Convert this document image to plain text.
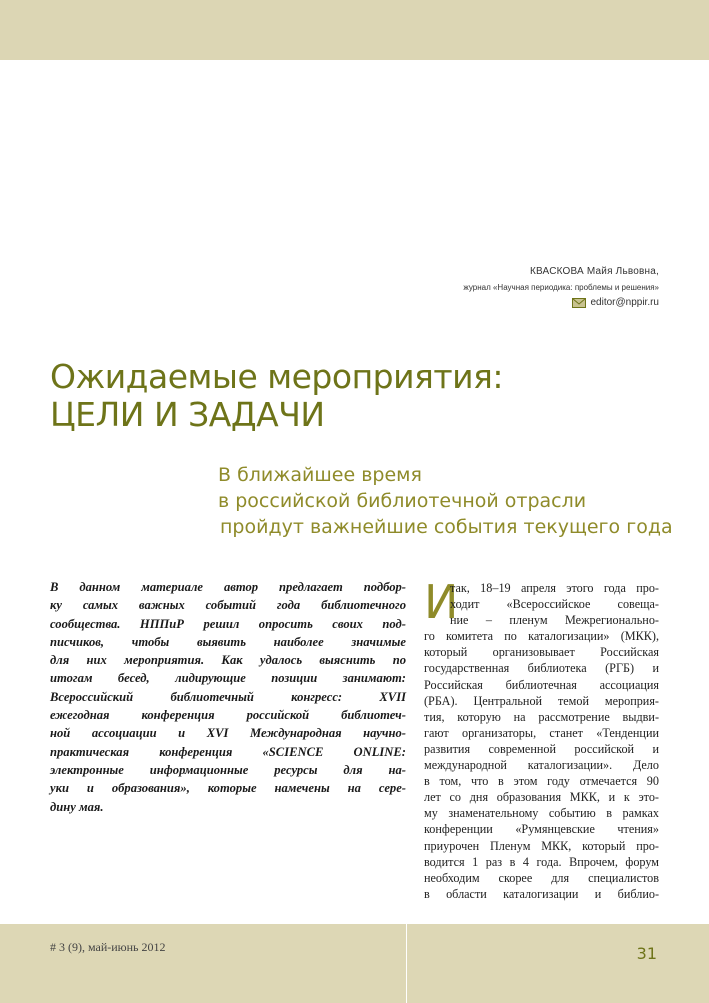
КВАСКОВА Майя Львовна,
журнал «Научная периодика: проблемы и решения»
editor@nppir.ru
Ожидаемые мероприятия:
ЦЕЛИ И ЗАДАЧИ
В ближайшее время
в российской библиотечной отрасли
пройдут важнейшие события текущего года
В данном материале автор предлагает подбор-
ку самых важных событий года библиотечного
сообщества. НППиР решил опросить своих под-
писчиков, чтобы выявить наиболее значимые
для них мероприятия. Как удалось выяснить по
итогам бесед, лидирующие позиции занимают:
Всероссийский библиотечный конгресс: XVII
ежегодная конференция российской библиотеч-
ной ассоциации и XVI Международная научно-
практическая конференция «SCIENCE ONLINE:
электронные информационные ресурсы для на-
уки и образования», которые намечены на сере-
дину мая.
И
так, 18–19 апреля этого года про-
ходит «Всероссийское совеща-
ние – пленум Межрегионально-
го комитета по каталогизации» (МКК),
который организовывает Российская
государственная библиотека (РГБ) и
Российская библиотечная ассоциация
(РБА). Центральной темой мероприя-
тия, которую на рассмотрение выдви-
гают организаторы, станет «Тенденции
развития современной российской и
международной каталогизации». Дело
в том, что в этом году отмечается 90
лет со дня образования МКК, и к это-
му знаменательному событию в рамках
конференции «Румянцевские чтения»
приурочен Пленум МКК, который про-
водится 1 раз в 4 года. Впрочем, форум
необходим скорее для специалистов
в области каталогизации и библио-
# 3 (9), май-июнь 2012	31
